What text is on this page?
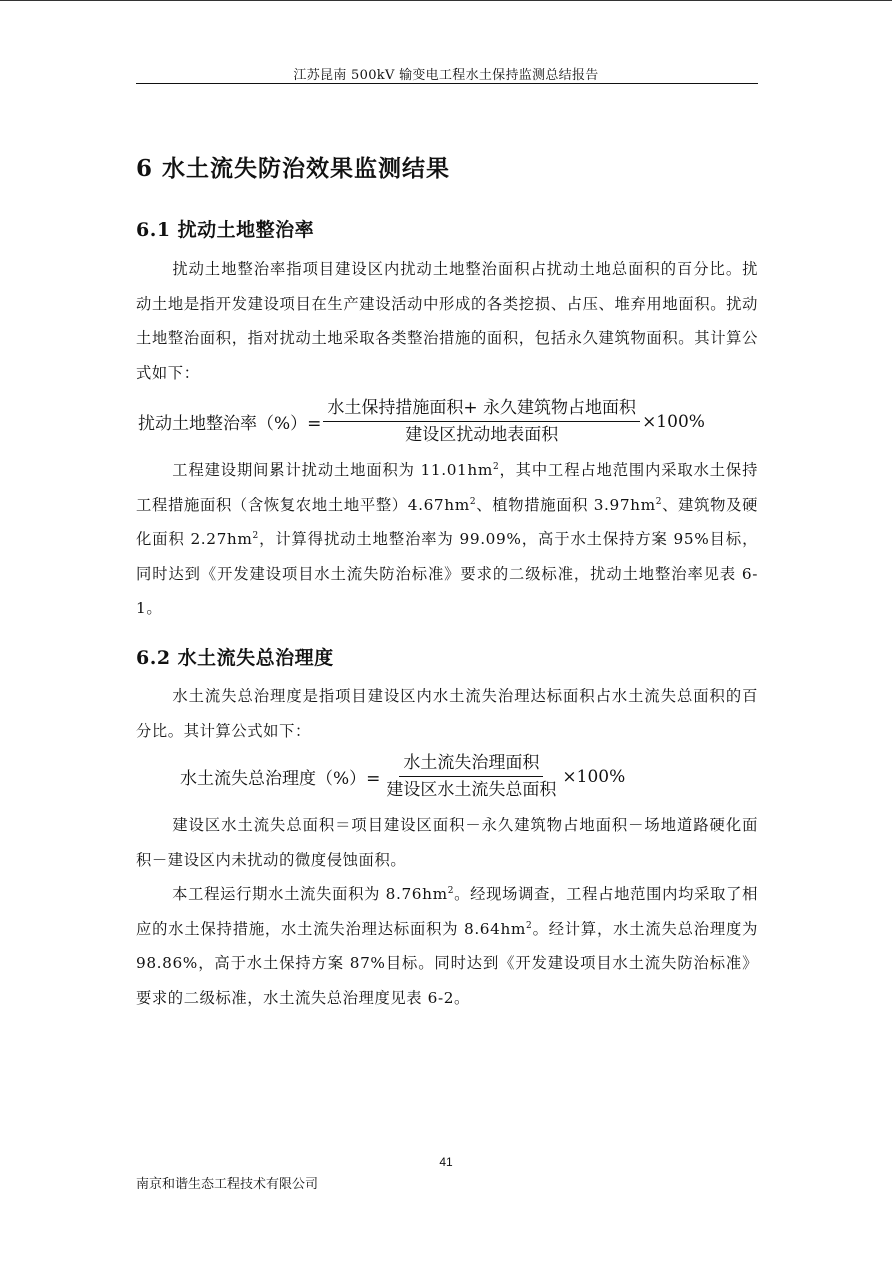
江苏昆南 500kV 输变电工程水土保持监测总结报告
6 水土流失防治效果监测结果
6.1 扰动土地整治率
扰动土地整治率指项目建设区内扰动土地整治面积占扰动土地总面积的百分比。扰动土地是指开发建设项目在生产建设活动中形成的各类挖损、占压、堆弃用地面积。扰动土地整治面积，指对扰动土地采取各类整治措施的面积，包括永久建筑物面积。其计算公式如下：
扰动土地整治率（%）= $\frac{\text{水土保持措施面积+ 永久建筑物占地面积}}{\text{建设区扰动地表面积}} \times 100\%$
工程建设期间累计扰动土地面积为 $11.01hm^2$，其中工程占地范围内采取水土保持工程措施面积（含恢复农地土地平整）$4.67hm^2$、植物措施面积 $3.97hm^2$、建筑物及硬化面积 $2.27hm^2$，计算得扰动土地整治率为 99.09%，高于水土保持方案 95%目标，同时达到《开发建设项目水土流失防治标准》要求的二级标准，扰动土地整治率见表 6-1。
6.2 水土流失总治理度
水土流失总治理度是指项目建设区内水土流失治理达标面积占水土流失总面积的百分比。其计算公式如下：
水土流失总治理度（%）= $\frac{\text{水土流失治理面积}}{\text{建设区水土流失总面积}} \times 100\%$
建设区水土流失总面积＝项目建设区面积－永久建筑物占地面积－场地道路硬化面积－建设区内未扰动的微度侵蚀面积。
本工程运行期水土流失面积为 $8.76hm^2$。经现场调查，工程占地范围内均采取了相应的水土保持措施，水土流失治理达标面积为 $8.64hm^2$。经计算，水土流失总治理度为 98.86%，高于水土保持方案 87%目标。同时达到《开发建设项目水土流失防治标准》要求的二级标准，水土流失总治理度见表 6-2。
41
南京和谐生态工程技术有限公司
